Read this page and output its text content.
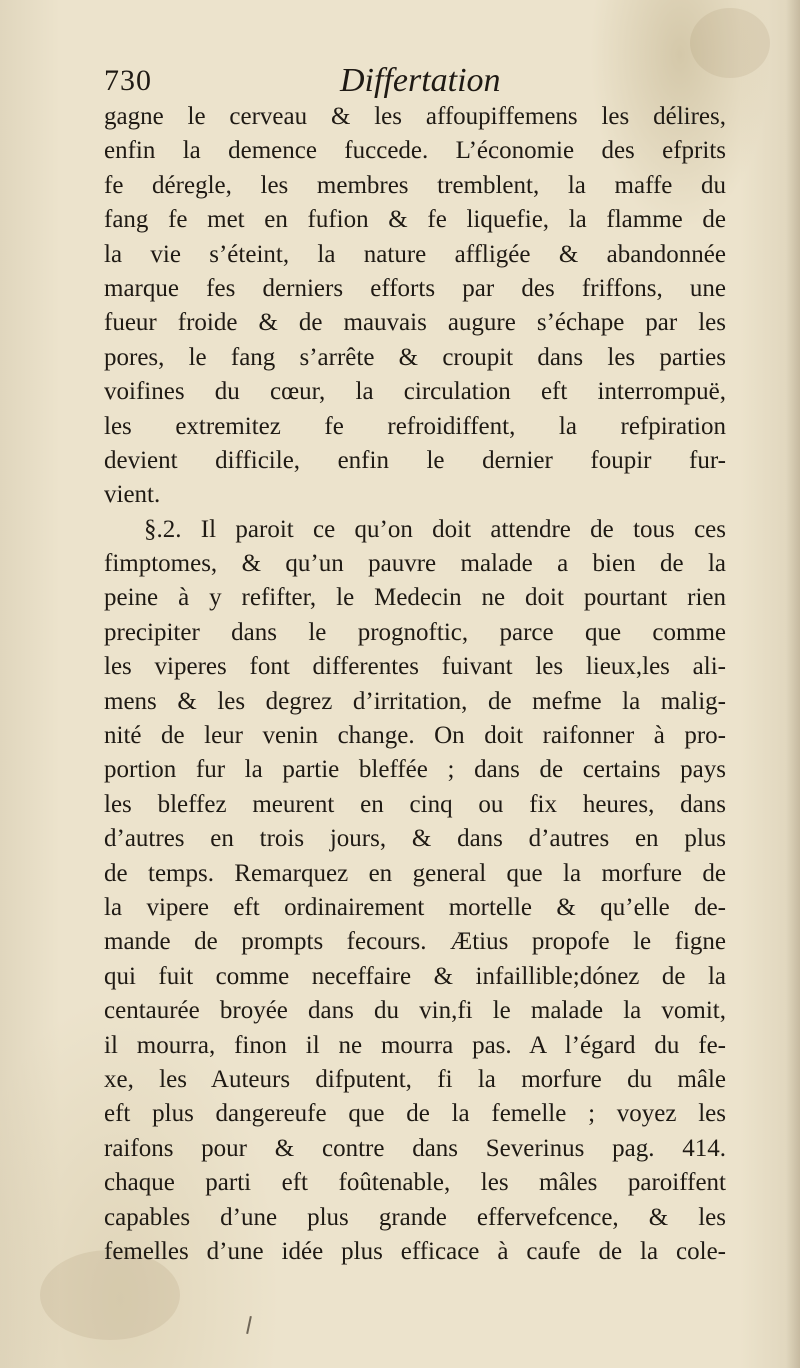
730	Differtation
gagne le cerveau & les affoupiffemens les délires,
enfin la demence fuccede. L’économie des efprits
fe déregle, les membres tremblent, la maffe du
fang fe met en fufion & fe liquefie, la flamme de
la vie s’éteint, la nature affligée & abandonnée
marque fes derniers efforts par des friffons, une
fueur froide & de mauvais augure s’échape par les
pores, le fang s’arrête & croupit dans les parties
voifines du cœur, la circulation eft interrompuë,
les extremitez fe refroidiffent, la refpiration
devient difficile, enfin le dernier foupir fur-
vient.
§.2. Il paroit ce qu’on doit attendre de tous ces
fimptomes, & qu’un pauvre malade a bien de la
peine à y refifter, le Medecin ne doit pourtant rien
precipiter dans le prognoftic, parce que comme
les viperes font differentes fuivant les lieux,les ali-
mens & les degrez d’irritation, de mefme la malig-
nité de leur venin change. On doit raifonner à pro-
portion fur la partie bleffée ; dans de certains pays
les bleffez meurent en cinq ou fix heures, dans
d’autres en trois jours, & dans d’autres en plus
de temps. Remarquez en general que la morfure de
la vipere eft ordinairement mortelle & qu’elle de-
mande de prompts fecours. Ætius propofe le figne
qui fuit comme neceffaire & infaillible;dónez de la
centaurée broyée dans du vin,fi le malade la vomit,
il mourra, finon il ne mourra pas. A l’égard du fe-
xe, les Auteurs difputent, fi la morfure du mâle
eft plus dangereufe que de la femelle ; voyez les
raifons pour & contre dans Severinus pag. 414.
chaque parti eft foûtenable, les mâles paroiffent
capables d’une plus grande effervefcence, & les
femelles d’une idée plus efficace à caufe de la cole-
